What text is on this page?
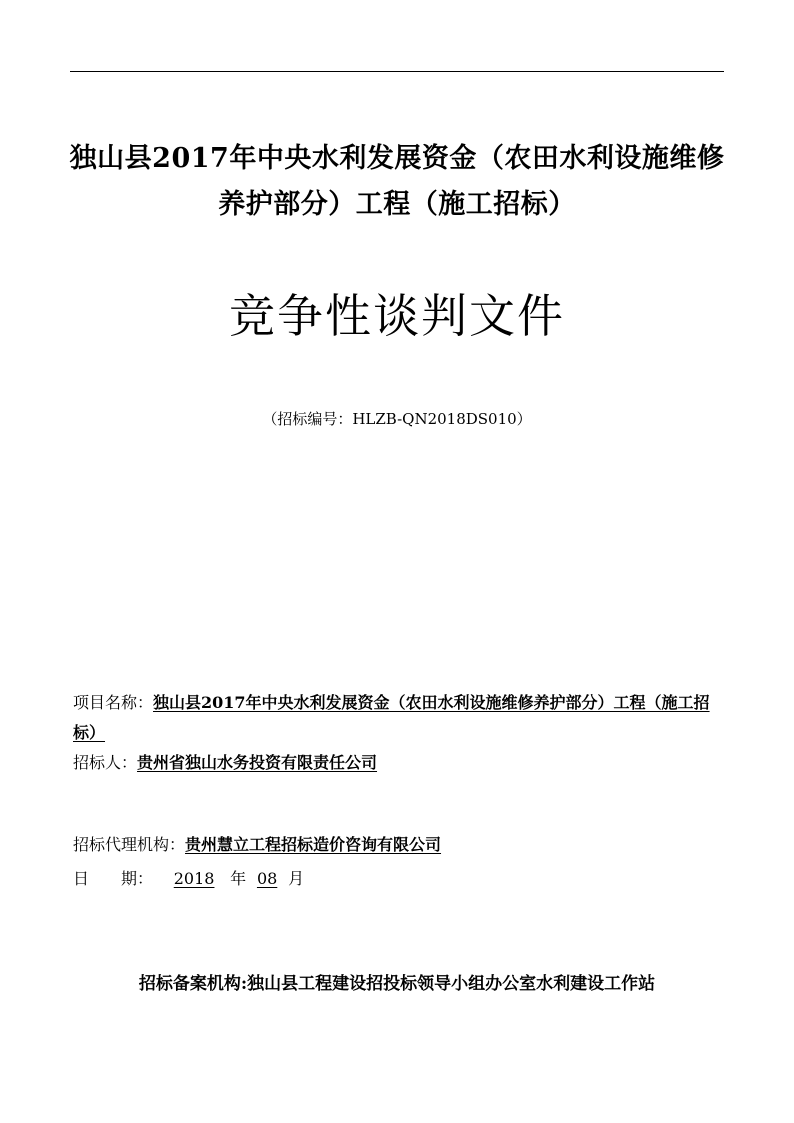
独山县2017年中央水利发展资金（农田水利设施维修养护部分）工程（施工招标）
竞争性谈判文件
（招标编号：HLZB-QN2018DS010）
项目名称：独山县2017年中央水利发展资金（农田水利设施维修养护部分）工程（施工招标）
招标人：贵州省独山水务投资有限责任公司
招标代理机构：贵州慧立工程招标造价咨询有限公司
日　　期： 2018 年 08 月
招标备案机构:独山县工程建设招投标领导小组办公室水利建设工作站
